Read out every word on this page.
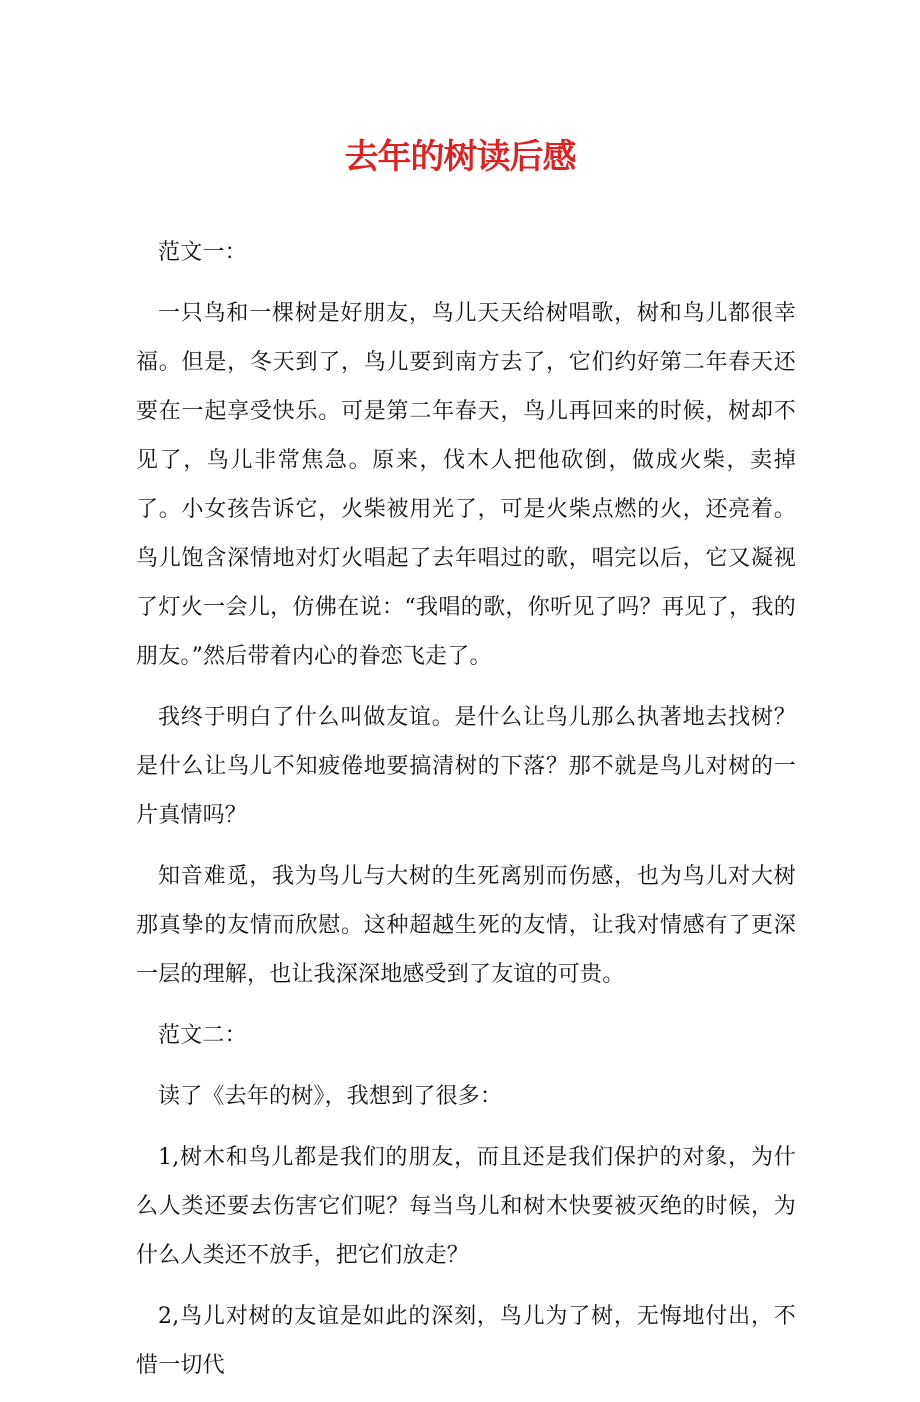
去年的树读后感

范文一：

一只鸟和一棵树是好朋友，鸟儿天天给树唱歌，树和鸟儿都很幸福。但是，冬天到了，鸟儿要到南方去了，它们约好第二年春天还要在一起享受快乐。可是第二年春天，鸟儿再回来的时候，树却不见了，鸟儿非常焦急。原来，伐木人把他砍倒，做成火柴，卖掉了。小女孩告诉它，火柴被用光了，可是火柴点燃的火，还亮着。鸟儿饱含深情地对灯火唱起了去年唱过的歌，唱完以后，它又凝视了灯火一会儿，仿佛在说：“我唱的歌，你听见了吗？再见了，我的朋友。”然后带着内心的眷恋飞走了。

我终于明白了什么叫做友谊。是什么让鸟儿那么执著地去找树？是什么让鸟儿不知疲倦地要搞清树的下落？那不就是鸟儿对树的一片真情吗？

知音难觅，我为鸟儿与大树的生死离别而伤感，也为鸟儿对大树那真挚的友情而欣慰。这种超越生死的友情，让我对情感有了更深一层的理解，也让我深深地感受到了友谊的可贵。

范文二：

读了《去年的树》，我想到了很多：

1,树木和鸟儿都是我们的朋友，而且还是我们保护的对象，为什么人类还要去伤害它们呢？每当鸟儿和树木快要被灭绝的时候，为什么人类还不放手，把它们放走？

2,鸟儿对树的友谊是如此的深刻，鸟儿为了树，无悔地付出，不惜一切代
